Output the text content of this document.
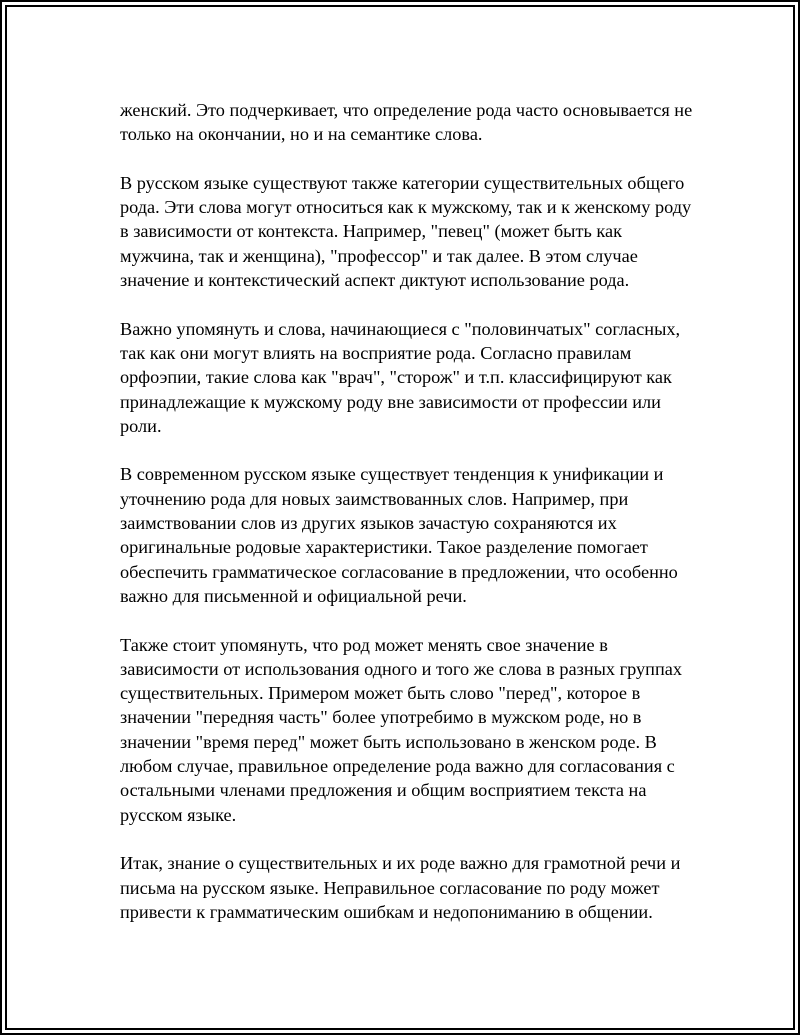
женский. Это подчеркивает, что определение рода часто основывается не только на окончании, но и на семантике слова.

В русском языке существуют также категории существительных общего рода. Эти слова могут относиться как к мужскому, так и к женскому роду в зависимости от контекста. Например, "певец" (может быть как мужчина, так и женщина), "профессор" и так далее. В этом случае значение и контекстический аспект диктуют использование рода.

Важно упомянуть и слова, начинающиеся с "половинчатых" согласных, так как они могут влиять на восприятие рода. Согласно правилам орфоэпии, такие слова как "врач", "сторож" и т.п. классифицируют как принадлежащие к мужскому роду вне зависимости от профессии или роли.

В современном русском языке существует тенденция к унификации и уточнению рода для новых заимствованных слов. Например, при заимствовании слов из других языков зачастую сохраняются их оригинальные родовые характеристики. Такое разделение помогает обеспечить грамматическое согласование в предложении, что особенно важно для письменной и официальной речи.

Также стоит упомянуть, что род может менять свое значение в зависимости от использования одного и того же слова в разных группах существительных. Примером может быть слово "перед", которое в значении "передняя часть" более употребимо в мужском роде, но в значении "время перед" может быть использовано в женском роде. В любом случае, правильное определение рода важно для согласования с остальными членами предложения и общим восприятием текста на русском языке.

Итак, знание о существительных и их роде важно для грамотной речи и письма на русском языке. Неправильное согласование по роду может привести к грамматическим ошибкам и недопониманию в общении.
